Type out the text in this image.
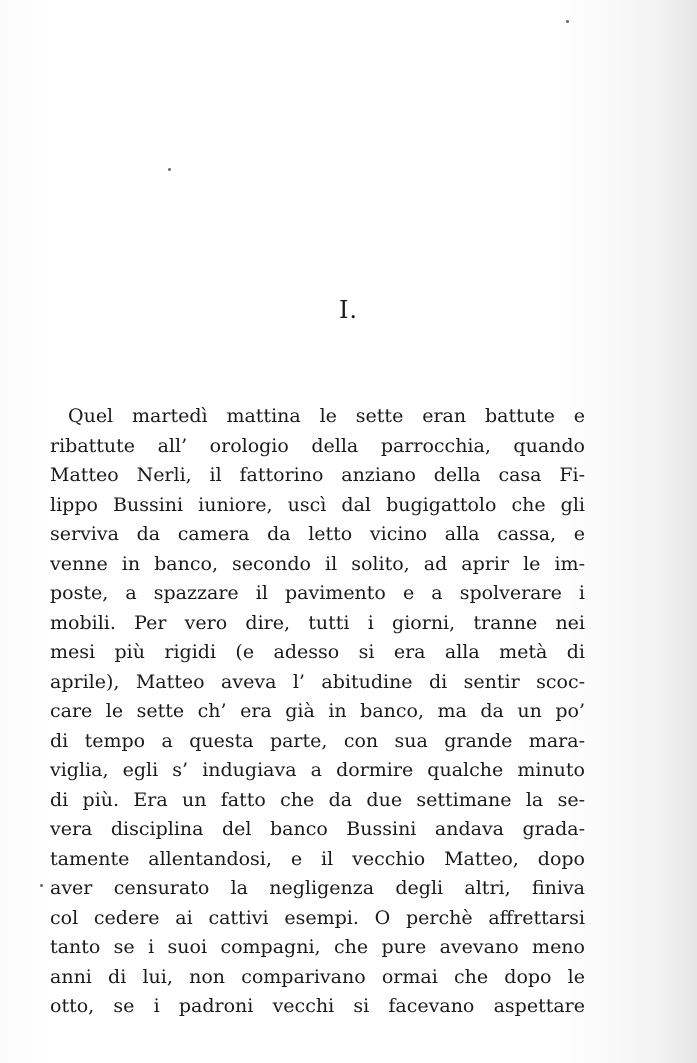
I.
Quel martedì mattina le sette eran battute e
ribattute all’ orologio della parrocchia, quando
Matteo Nerli, il fattorino anziano della casa Fi-
lippo Bussini iuniore, uscì dal bugigattolo che gli
serviva da camera da letto vicino alla cassa, e
venne in banco, secondo il solito, ad aprir le im-
poste, a spazzare il pavimento e a spolverare i
mobili. Per vero dire, tutti i giorni, tranne nei
mesi più rigidi (e adesso si era alla metà di
aprile), Matteo aveva l’ abitudine di sentir scoc-
care le sette ch’ era già in banco, ma da un po’
di tempo a questa parte, con sua grande mara-
viglia, egli s’ indugiava a dormire qualche minuto
di più. Era un fatto che da due settimane la se-
vera disciplina del banco Bussini andava grada-
tamente allentandosi, e il vecchio Matteo, dopo
aver censurato la negligenza degli altri, finiva
col cedere ai cattivi esempi. O perchè affrettarsi
tanto se i suoi compagni, che pure avevano meno
anni di lui, non comparivano ormai che dopo le
otto, se i padroni vecchi si facevano aspettare
